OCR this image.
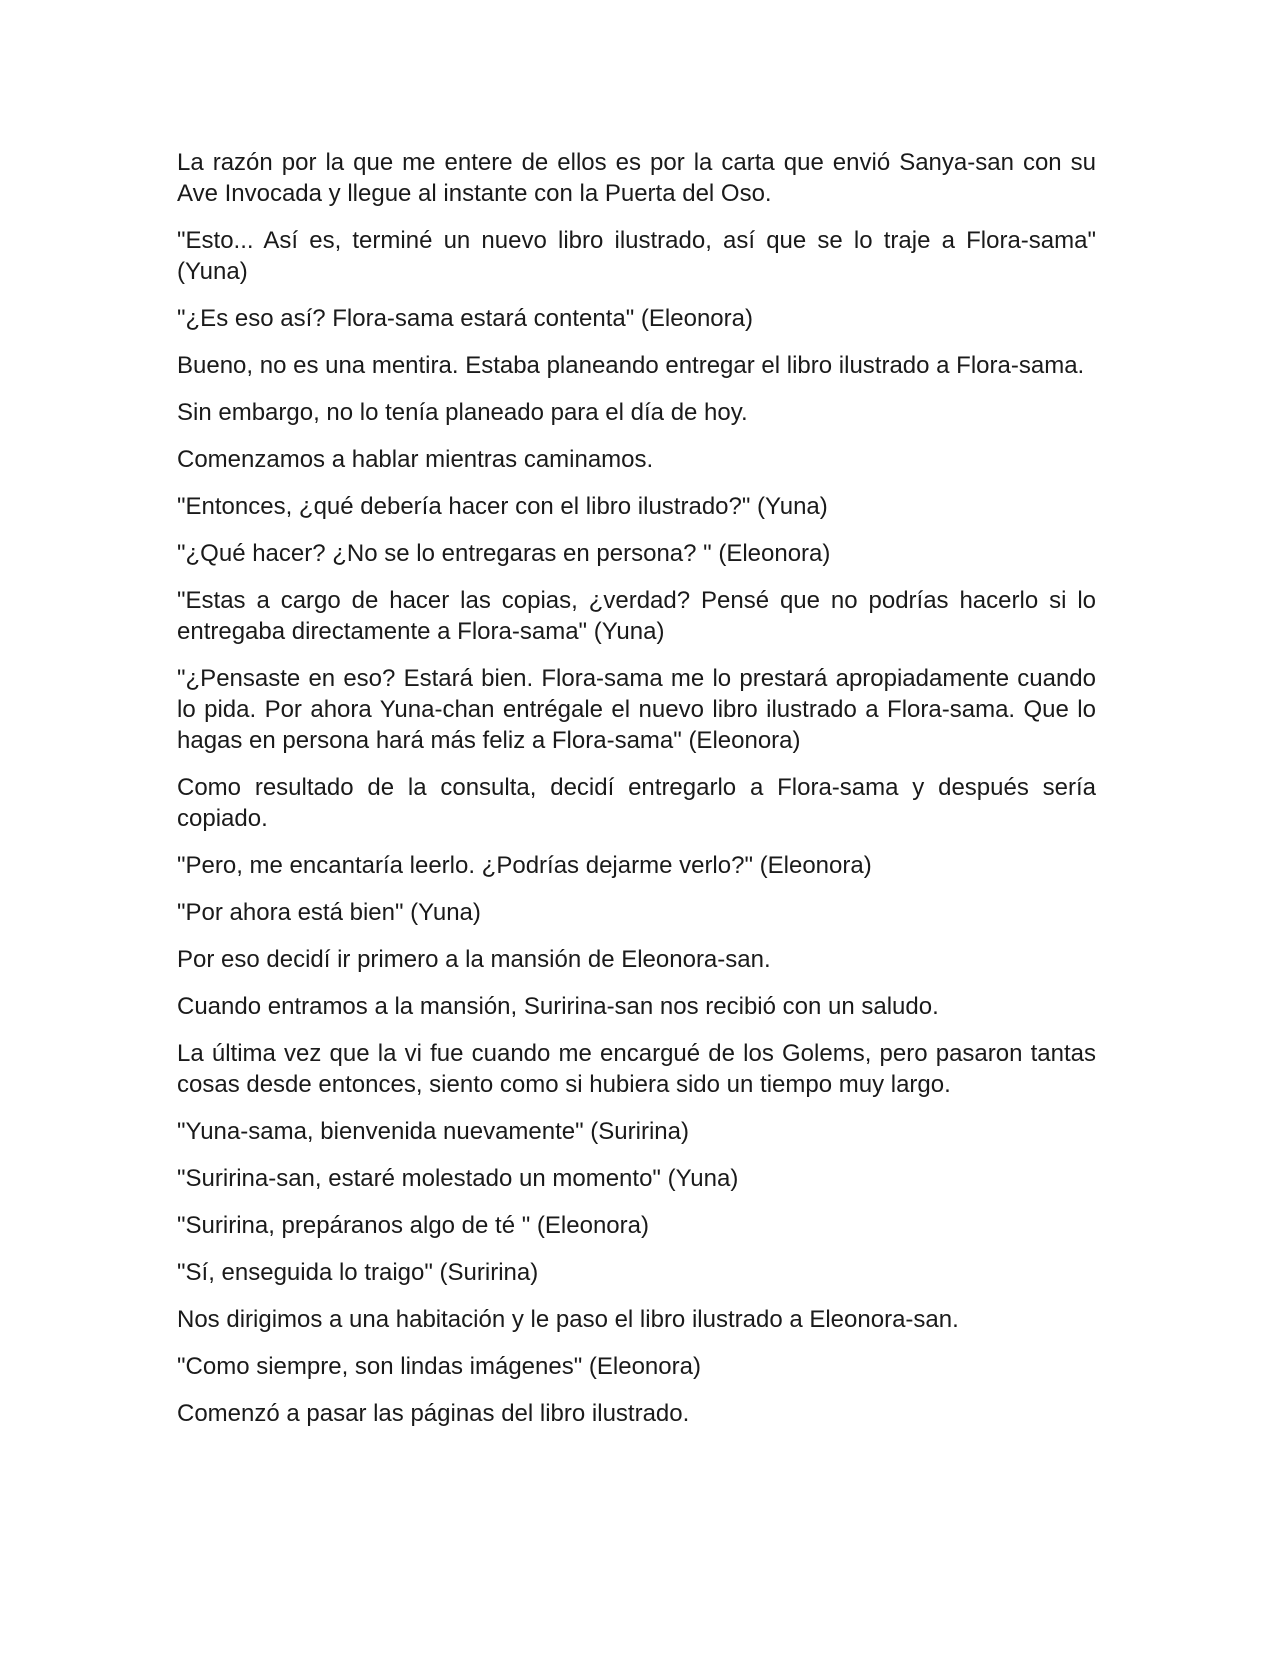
La razón por la que me entere de ellos es por la carta que envió Sanya-san con su Ave Invocada y llegue al instante con la Puerta del Oso.

"Esto... Así es, terminé un nuevo libro ilustrado, así que se lo traje a Flora-sama" (Yuna)

"¿Es eso así? Flora-sama estará contenta" (Eleonora)

Bueno, no es una mentira. Estaba planeando entregar el libro ilustrado a Flora-sama.

Sin embargo, no lo tenía planeado para el día de hoy.

Comenzamos a hablar mientras caminamos.

"Entonces, ¿qué debería hacer con el libro ilustrado?" (Yuna)

"¿Qué hacer? ¿No se lo entregaras en persona? " (Eleonora)

"Estas a cargo de hacer las copias, ¿verdad? Pensé que no podrías hacerlo si lo entregaba directamente a Flora-sama" (Yuna)

"¿Pensaste en eso? Estará bien. Flora-sama me lo prestará apropiadamente cuando lo pida. Por ahora Yuna-chan entrégale el nuevo libro ilustrado a Flora-sama. Que lo hagas en persona hará más feliz a Flora-sama" (Eleonora)

Como resultado de la consulta, decidí entregarlo a Flora-sama y después sería copiado.

"Pero, me encantaría leerlo. ¿Podrías dejarme verlo?" (Eleonora)

"Por ahora está bien" (Yuna)

Por eso decidí ir primero a la mansión de Eleonora-san.

Cuando entramos a la mansión, Suririna-san nos recibió con un saludo.

La última vez que la vi fue cuando me encargué de los Golems, pero pasaron tantas cosas desde entonces, siento como si hubiera sido un tiempo muy largo.

"Yuna-sama, bienvenida nuevamente" (Suririna)

"Suririna-san, estaré molestado un momento" (Yuna)

"Suririna, prepáranos algo de té " (Eleonora)

"Sí, enseguida lo traigo" (Suririna)

Nos dirigimos a una habitación y le paso el libro ilustrado a Eleonora-san.

"Como siempre, son lindas imágenes" (Eleonora)

Comenzó a pasar las páginas del libro ilustrado.
